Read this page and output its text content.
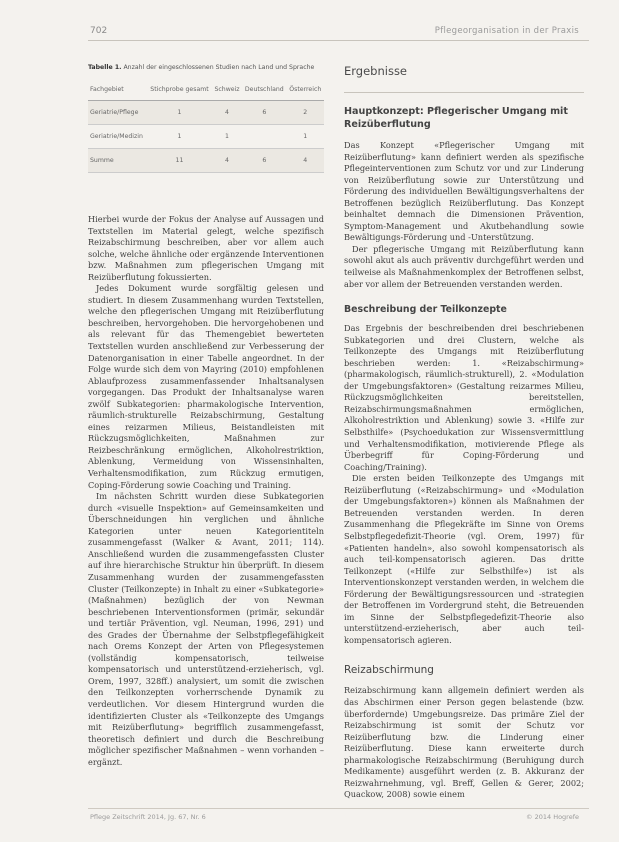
702	Pflegeorganisation in der Praxis
Tabelle 1. Anzahl der eingeschlossenen Studien nach Land und Sprache
Fachgebiet	Stichprobe gesamt	Schweiz	Deutschland	Österreich
Geriatrie/Pflege	1	4	6	2
Geriatrie/Medizin	1	1		1
Summe	11	4	6	4

Hierbei wurde der Fokus der Analyse auf Aussagen und Textstellen im Material gelegt, welche spezifisch Reizabschirmung beschreiben, aber vor allem auch solche, welche ähnliche oder ergänzende Interventionen bzw. Maßnahmen zum pflegerischen Umgang mit Reizüberflutung fokussierten.

Jedes Dokument wurde sorgfältig gelesen und studiert. In diesem Zusammenhang wurden Textstellen, welche den pflegerischen Umgang mit Reizüberflutung beschreiben, hervorgehoben. Die hervorgehobenen und als relevant für das Themengebiet bewerteten Textstellen wurden anschließend zur Verbesserung der Datenorganisation in einer Tabelle angeordnet. In der Folge wurde sich dem von Mayring (2010) empfohlenen Ablaufprozess zusammenfassender Inhaltsanalysen vorgegangen. Das Produkt der Inhaltsanalyse waren zwölf Subkategorien: pharmakologische Intervention, räumlich-strukturelle Reizabschirmung, Gestaltung eines reizarmen Milieus, Beistandleisten mit Rückzugsmöglichkeiten, Maßnahmen zur Reizbeschränkung ermöglichen, Alkoholrestriktion, Ablenkung, Vermeidung von Wissensinhalten, Verhaltensmodifikation, zum Rückzug ermutigen, Coping-Förderung sowie Coaching und Training.

Im nächsten Schritt wurden diese Subkategorien durch «visuelle Inspektion» auf Gemeinsamkeiten und Überschneidungen hin verglichen und ähnliche Kategorien unter neuen Kategorientiteln zusammengefasst (Walker & Avant, 2011; 114). Anschließend wurden die zusammengefassten Cluster auf ihre hierarchische Struktur hin überprüft. In diesem Zusammenhang wurden der zusammengefassten Cluster (Teilkonzepte) in Inhalt zu einer «Subkategorie» (Maßnahmen) bezüglich der von Newman beschriebenen Interventionsformen (primär, sekundär und tertiär Prävention, vgl. Neuman, 1996, 291) und des Grades der Übernahme der Selbstpflegefähigkeit nach Orems Konzept der Arten von Pflegesystemen (vollständig kompensatorisch, teilweise kompensatorisch und unterstützend-erzieherisch, vgl. Orem, 1997, 328ff.) analysiert, um somit die zwischen den Teilkonzepten vorherrschende Dynamik zu verdeutlichen. Vor diesem Hintergrund wurden die identifizierten Cluster als «Teilkonzepte des Umgangs mit Reizüberflutung» begrifflich zusammengefasst, theoretisch definiert und durch die Beschreibung möglicher spezifischer Maßnahmen – wenn vorhanden – ergänzt.

Ergebnisse
Hauptkonzept: Pflegerischer Umgang mit Reizüberflutung

Das Konzept «Pflegerischer Umgang mit Reizüberflutung» kann definiert werden als spezifische Pflegeinterventionen zum Schutz vor und zur Linderung von Reizüberflutung sowie zur Unterstützung und Förderung des individuellen Bewältigungsverhaltens der Betroffenen bezüglich Reizüberflutung. Das Konzept beinhaltet demnach die Dimensionen Prävention, Symptom-Management und Akutbehandlung sowie Bewältigungs-Förderung und -Unterstützung.

Der pflegerische Umgang mit Reizüberflutung kann sowohl akut als auch präventiv durchgeführt werden und teilweise als Maßnahmenkomplex der Betroffenen selbst, aber vor allem der Betreuenden verstanden werden.

Beschreibung der Teilkonzepte

Das Ergebnis der beschreibenden drei beschriebenen Subkategorien und drei Clustern, welche als Teilkonzepte des Umgangs mit Reizüberflutung beschrieben werden: 1. «Reizabschirmung» (pharmakologisch, räumlich-strukturell), 2. «Modulation der Umgebungsfaktoren» (Gestaltung reizarmes Milieu, Rückzugsmöglichkeiten bereitstellen, Reizabschirmungsmaßnahmen ermöglichen, Alkoholrestriktion und Ablenkung) sowie 3. «Hilfe zur Selbsthilfe» (Psychoedukation zur Wissensvermittlung und Verhaltensmodifikation, motivierende Pflege als Überbegriff für Coping-Förderung und Coaching/Training).

Die ersten beiden Teilkonzepte des Umgangs mit Reizüberflutung («Reizabschirmung» und «Modulation der Umgebungsfaktoren») können als Maßnahmen der Betreuenden verstanden werden. In deren Zusammenhang die Pflegekräfte im Sinne von Orems Selbstpflegedefizit-Theorie (vgl. Orem, 1997) für «Patienten handeln», also sowohl kompensatorisch als auch teil-kompensatorisch agieren. Das dritte Teilkonzept («Hilfe zur Selbsthilfe») ist als Interventionskonzept verstanden werden, in welchem die Förderung der Bewältigungsressourcen und -strategien der Betroffenen im Vordergrund steht, die Betreuenden im Sinne der Selbstpflegedefizit-Theorie also unterstützend-erzieherisch, aber auch teil-kompensatorisch agieren.

Reizabschirmung

Reizabschirmung kann allgemein definiert werden als das Abschirmen einer Person gegen belastende (bzw. überfordernde) Umgebungsreize. Das primäre Ziel der Reizabschirmung ist somit der Schutz vor Reizüberflutung bzw. die Linderung einer Reizüberflutung. Diese kann erweiterte durch pharmakologische Reizabschirmung (Beruhigung durch Medikamente) ausgeführt werden (z. B. Akkuranz der Reizwahrnehmung, vgl. Breff, Gellen & Gerer, 2002; Quackow, 2008) sowie einem

Pflege Zeitschrift 2014, Jg. 67, Nr. 6	© 2014 Hogrefe
